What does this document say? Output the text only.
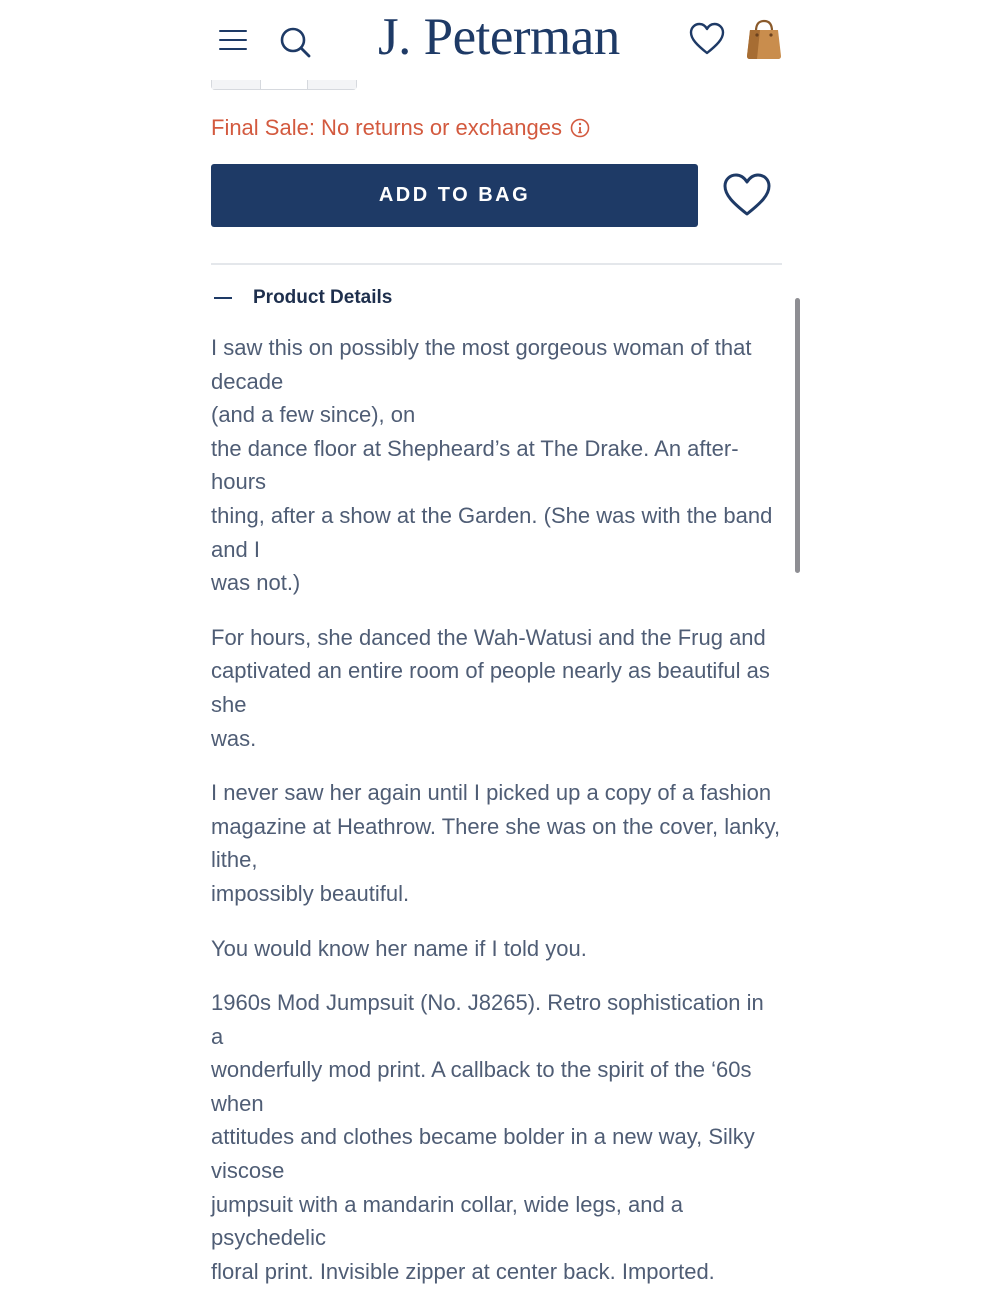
J. Peterman
Final Sale: No returns or exchanges
ADD TO BAG
Product Details

I saw this on possibly the most gorgeous woman of that decade
(and a few since), on
the dance floor at Shepheard’s at The Drake. An after-hours
thing, after a show at the Garden. (She was with the band and I
was not.)

For hours, she danced the Wah-Watusi and the Frug and
captivated an entire room of people nearly as beautiful as she
was.

I never saw her again until I picked up a copy of a fashion
magazine at Heathrow. There she was on the cover, lanky, lithe,
impossibly beautiful.

You would know her name if I told you.

1960s Mod Jumpsuit (No. J8265). Retro sophistication in a
wonderfully mod print. A callback to the spirit of the ‘60s when
attitudes and clothes became bolder in a new way, Silky viscose
jumpsuit with a mandarin collar, wide legs, and a psychedelic
floral print. Invisible zipper at center back. Imported.
